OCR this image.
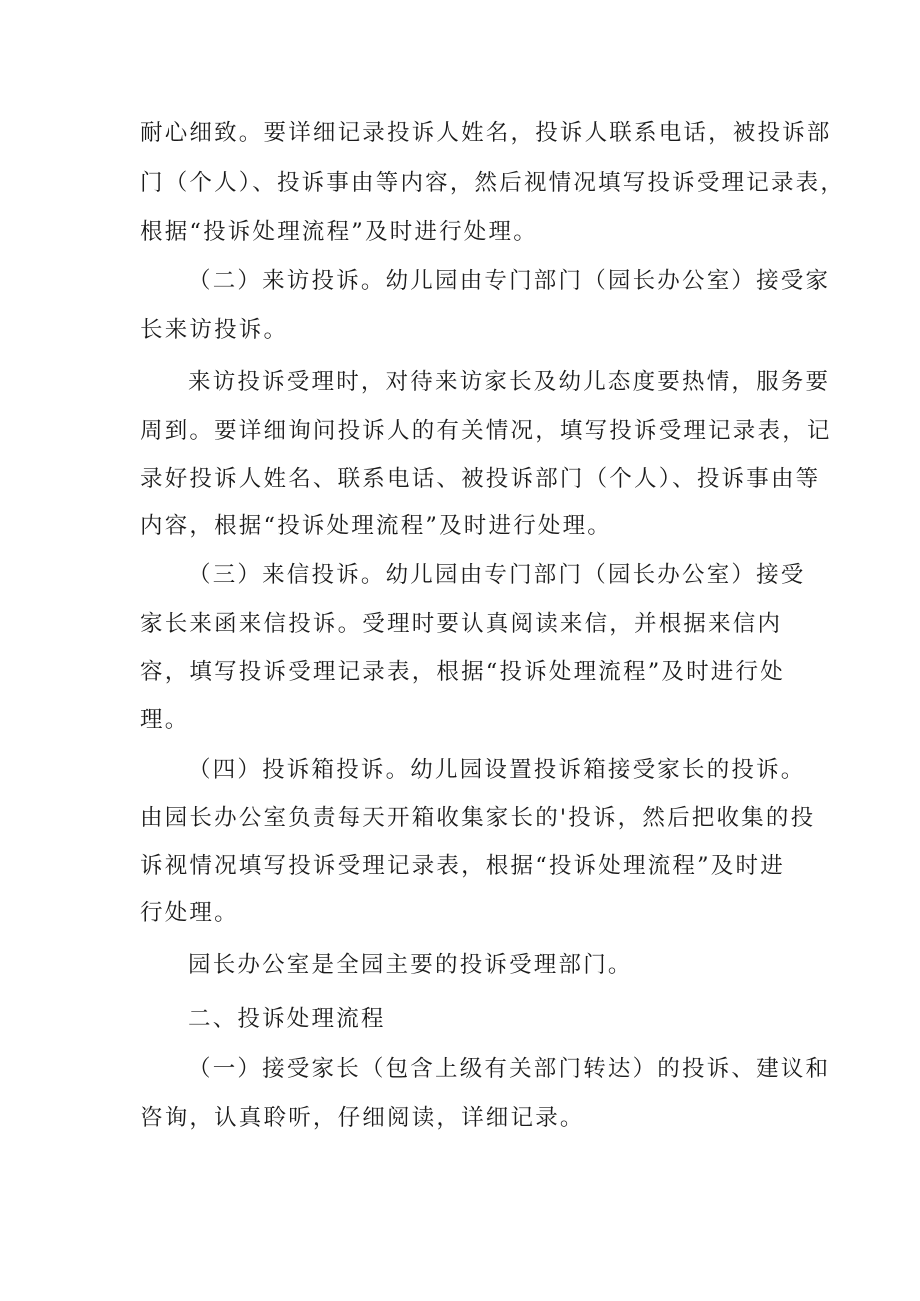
耐心细致。要详细记录投诉人姓名，投诉人联系电话，被投诉部
门（个人）、投诉事由等内容，然后视情况填写投诉受理记录表，
根据“投诉处理流程”及时进行处理。
（二）来访投诉。幼儿园由专门部门（园长办公室）接受家
长来访投诉。
来访投诉受理时，对待来访家长及幼儿态度要热情，服务要
周到。要详细询问投诉人的有关情况，填写投诉受理记录表，记
录好投诉人姓名、联系电话、被投诉部门（个人）、投诉事由等
内容，根据“投诉处理流程”及时进行处理。
（三）来信投诉。幼儿园由专门部门（园长办公室）接受
家长来函来信投诉。受理时要认真阅读来信，并根据来信内
容，填写投诉受理记录表，根据“投诉处理流程”及时进行处
理。
（四）投诉箱投诉。幼儿园设置投诉箱接受家长的投诉。
由园长办公室负责每天开箱收集家长的'投诉，然后把收集的投
诉视情况填写投诉受理记录表，根据“投诉处理流程”及时进
行处理。
园长办公室是全园主要的投诉受理部门。
二、投诉处理流程
（一）接受家长（包含上级有关部门转达）的投诉、建议和
咨询，认真聆听，仔细阅读，详细记录。
